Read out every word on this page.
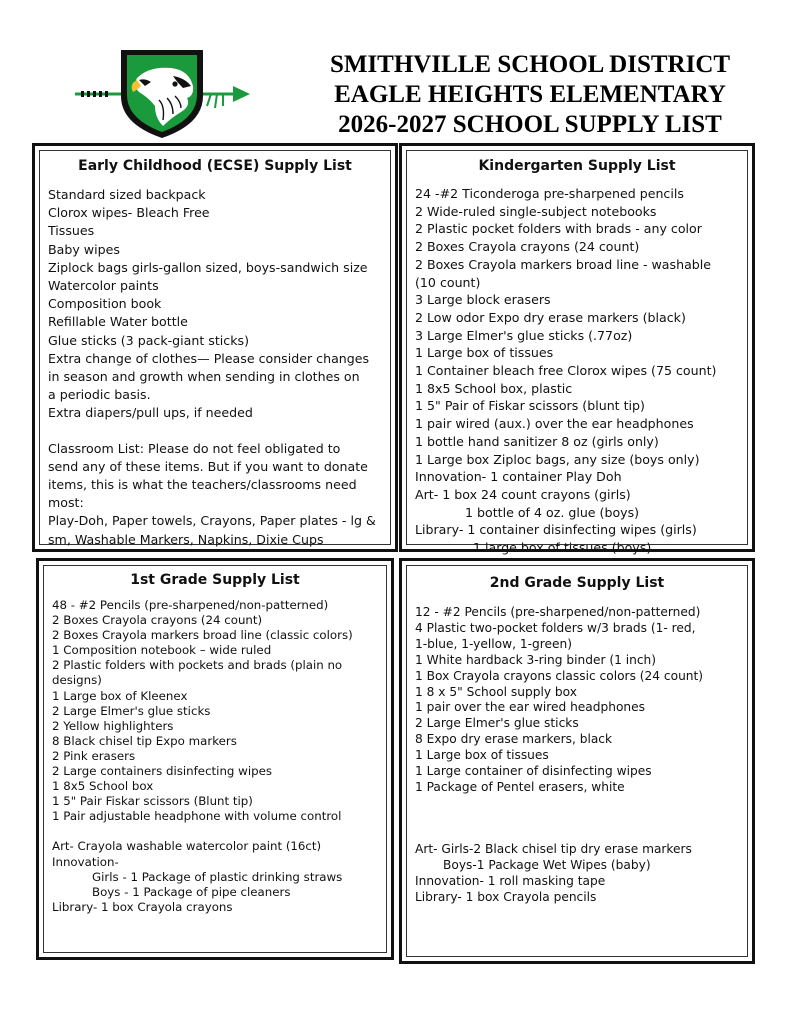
SMITHVILLE SCHOOL DISTRICT
EAGLE HEIGHTS ELEMENTARY
2026-2027 SCHOOL SUPPLY LIST
Early Childhood (ECSE) Supply List
Standard sized backpack
Clorox wipes- Bleach Free
Tissues
Baby wipes
Ziplock bags girls-gallon sized, boys-sandwich size
Watercolor paints
Composition book
Refillable Water bottle
Glue sticks (3 pack-giant sticks)
Extra change of clothes— Please consider changes
in season and growth when sending in clothes on
a periodic basis.
Extra diapers/pull ups, if needed
Classroom List: Please do not feel obligated to
send any of these items. But if you want to donate
items, this is what the teachers/classrooms need
most:
Play-Doh, Paper towels, Crayons, Paper plates - lg &
sm, Washable Markers, Napkins, Dixie Cups
Kindergarten Supply List
24 -#2 Ticonderoga pre-sharpened pencils
2 Wide-ruled single-subject notebooks
2 Plastic pocket folders with brads - any color
2 Boxes Crayola crayons (24 count)
2 Boxes Crayola markers broad line - washable
(10 count)
3 Large block erasers
2 Low odor Expo dry erase markers (black)
3 Large Elmer's glue sticks (.77oz)
1 Large box of tissues
1 Container bleach free Clorox wipes (75 count)
1 8x5 School box, plastic
1 5" Pair of Fiskar scissors (blunt tip)
1 pair wired (aux.) over the ear headphones
1 bottle hand sanitizer 8 oz (girls only)
1 Large box Ziploc bags, any size (boys only)
Innovation- 1 container Play Doh
Art- 1 box 24 count crayons (girls)
1 bottle of 4 oz. glue (boys)
Library- 1 container disinfecting wipes (girls)
1 large box of tissues (boys)
1st Grade Supply List
48 - #2 Pencils (pre-sharpened/non-patterned)
2 Boxes Crayola crayons (24 count)
2 Boxes Crayola markers broad line (classic colors)
1 Composition notebook – wide ruled
2 Plastic folders with pockets and brads (plain no
designs)
1 Large box of Kleenex
2 Large Elmer's glue sticks
2 Yellow highlighters
8 Black chisel tip Expo markers
2 Pink erasers
2 Large containers disinfecting wipes
1 8x5 School box
1 5" Pair Fiskar scissors (Blunt tip)
1 Pair adjustable headphone with volume control
Art- Crayola washable watercolor paint (16ct)
Innovation-
Girls - 1 Package of plastic drinking straws
Boys - 1 Package of pipe cleaners
Library- 1 box Crayola crayons
2nd Grade Supply List
12 - #2 Pencils (pre-sharpened/non-patterned)
4 Plastic two-pocket folders w/3 brads (1- red,
1-blue, 1-yellow, 1-green)
1 White hardback 3-ring binder (1 inch)
1 Box Crayola crayons classic colors (24 count)
1 8 x 5" School supply box
1 pair over the ear wired headphones
2 Large Elmer's glue sticks
8 Expo dry erase markers, black
1 Large box of tissues
1 Large container of disinfecting wipes
1 Package of Pentel erasers, white
Art- Girls-2 Black chisel tip dry erase markers
Boys-1 Package Wet Wipes (baby)
Innovation- 1 roll masking tape
Library- 1 box Crayola pencils
